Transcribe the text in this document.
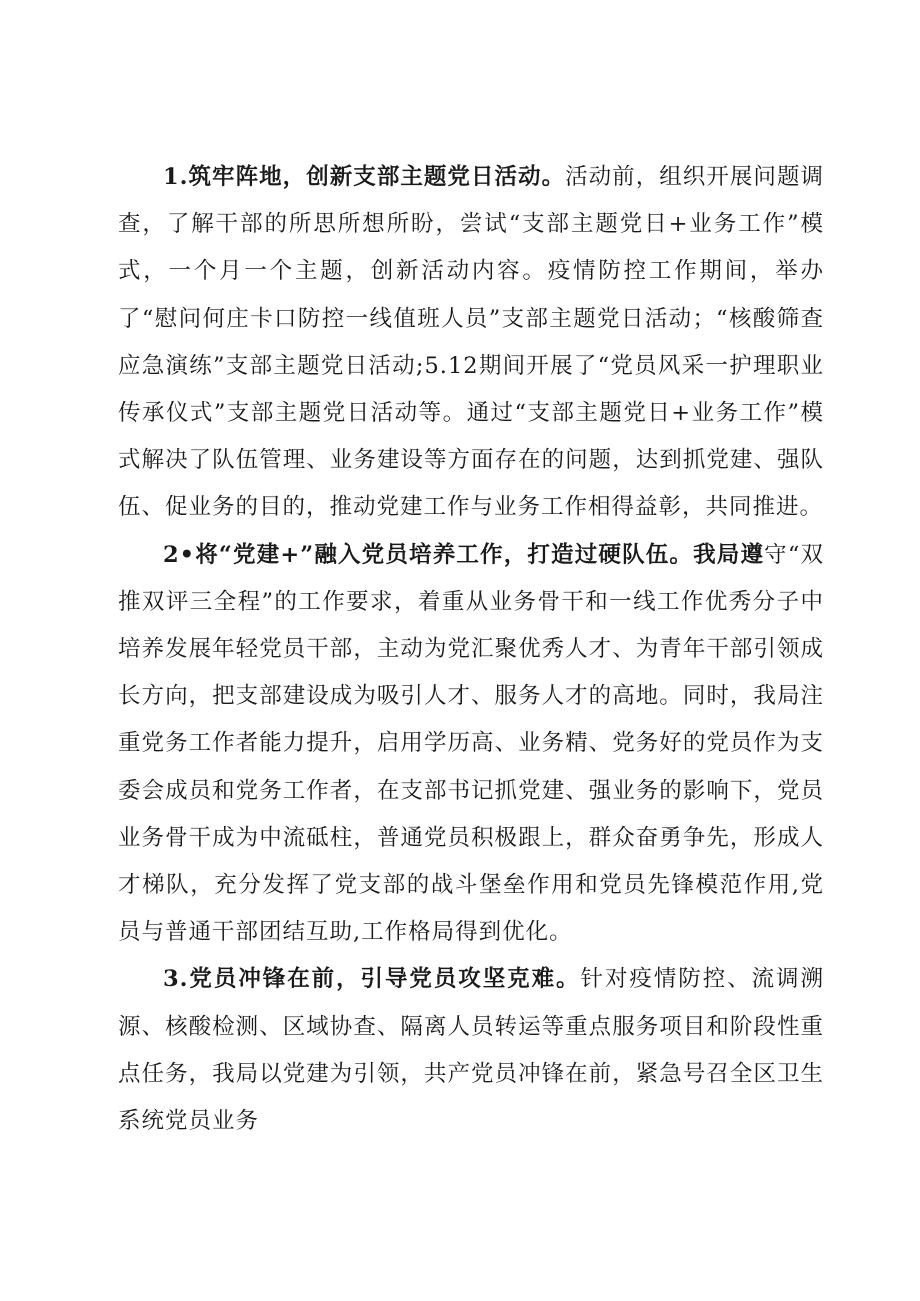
1.筑牢阵地，创新支部主题党日活动。活动前，组织开展问题调查，了解干部的所思所想所盼，尝试“支部主题党日+业务工作”模式，一个月一个主题，创新活动内容。疫情防控工作期间，举办了“慰问何庄卡口防控一线值班人员”支部主题党日活动；“核酸筛查应急演练”支部主题党日活动;5.12期间开展了“党员风采一护理职业传承仪式”支部主题党日活动等。通过“支部主题党日+业务工作”模式解决了队伍管理、业务建设等方面存在的问题，达到抓党建、强队伍、促业务的目的，推动党建工作与业务工作相得益彰，共同推进。

2•将“党建+”融入党员培养工作，打造过硬队伍。我局遵守“双推双评三全程”的工作要求，着重从业务骨干和一线工作优秀分子中培养发展年轻党员干部，主动为党汇聚优秀人才、为青年干部引领成长方向，把支部建设成为吸引人才、服务人才的高地。同时，我局注重党务工作者能力提升，启用学历高、业务精、党务好的党员作为支委会成员和党务工作者，在支部书记抓党建、强业务的影响下，党员业务骨干成为中流砥柱，普通党员积极跟上，群众奋勇争先，形成人才梯队，充分发挥了党支部的战斗堡垒作用和党员先锋模范作用,党员与普通干部团结互助,工作格局得到优化。

3.党员冲锋在前，引导党员攻坚克难。针对疫情防控、流调溯源、核酸检测、区域协查、隔离人员转运等重点服务项目和阶段性重点任务，我局以党建为引领，共产党员冲锋在前，紧急号召全区卫生系统党员业务
